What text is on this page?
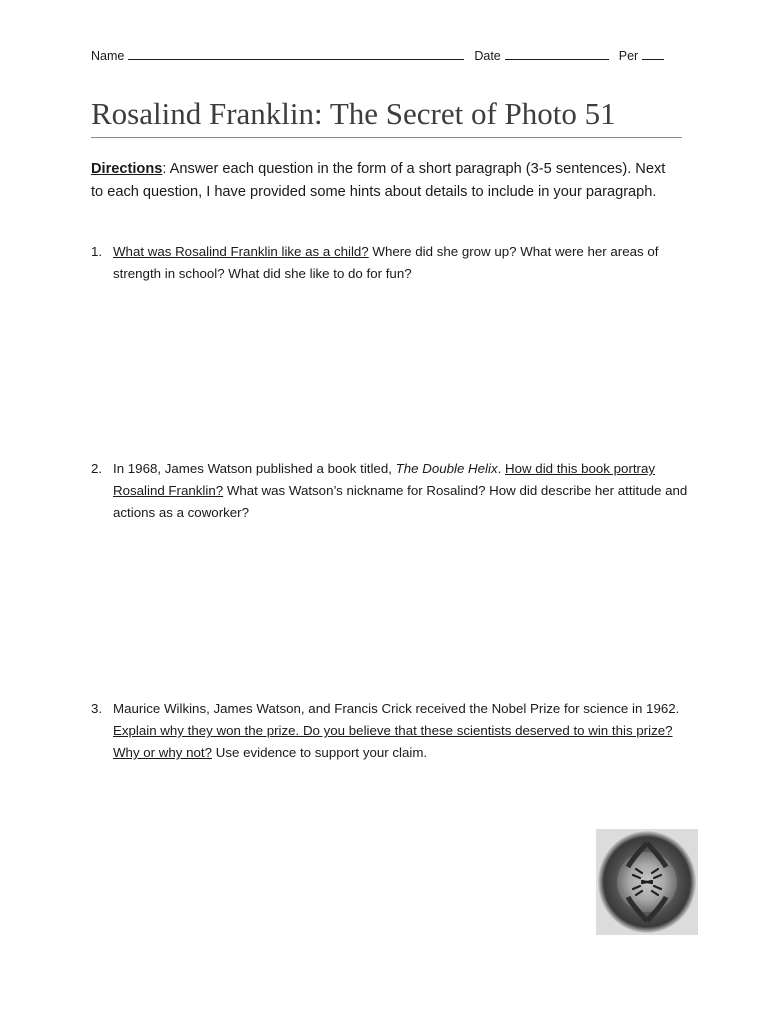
Name	Date	Per
Rosalind Franklin: The Secret of Photo 51
Directions: Answer each question in the form of a short paragraph (3-5 sentences). Next to each question, I have provided some hints about details to include in your paragraph.
1. What was Rosalind Franklin like as a child? Where did she grow up? What were her areas of strength in school? What did she like to do for fun?
2. In 1968, James Watson published a book titled, The Double Helix. How did this book portray Rosalind Franklin? What was Watson’s nickname for Rosalind? How did describe her attitude and actions as a coworker?
3. Maurice Wilkins, James Watson, and Francis Crick received the Nobel Prize for science in 1962. Explain why they won the prize. Do you believe that these scientists deserved to win this prize? Why or why not? Use evidence to support your claim.
